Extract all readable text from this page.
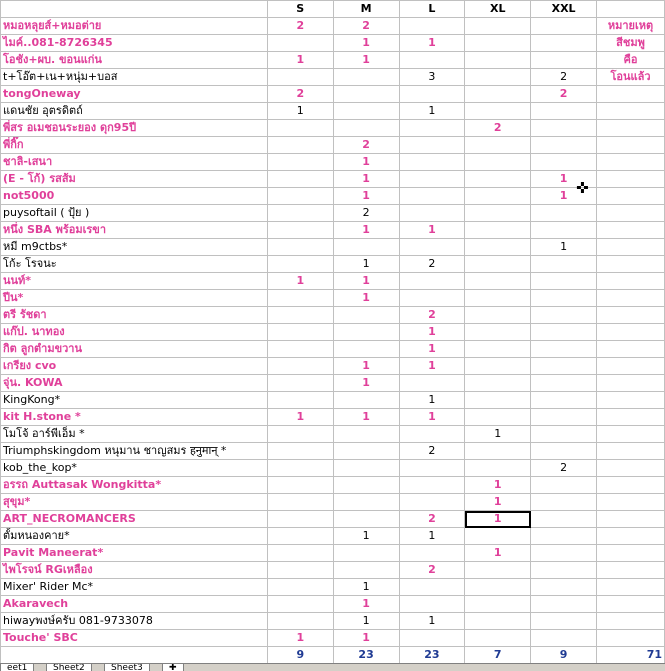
	S	M	L	XL	XXL	
หมอหลุยส์+หมอต่าย	2	2				หมายเหตุ
ไมค์..081-8726345		1	1			สีชมพู
โอชัง+ผบ. ขอนแก่น	1	1				คือ
t+โอ๊ต+เน+หนุ่ม+บอส			3		2	โอนแล้ว
tongOneway	2				2	
แดนชัย อุตรดิตถ์	1		1			
พี่สร อเมชอนระยอง ดุก95ปี				2		
พี่กิ๊ก		2				
ชาลิ-เสนา		1				
(E - โก้) รสส้ม		1			1	
not5000		1			1	
puysoftail ( ปุ้ย )		2				
หนึ่ง SBA พร้อมเรขา		1	1			
หมี m9ctbs*					1	
โก้ะ โรจนะ		1	2			
นนท์*	1	1				
ปีน*		1				
ตรี รัชดา			2			
แก๊ป. นาทอง			1			
กิต ลูกตำมขวาน			1			
เกรียง cvo		1	1			
จุ่น. KOWA		1				
KingKong*			1			
kit H.stone *	1	1	1			
โมโจ้ อาร์พีเอ็ม *				1		
Triumphskingdom หนุมาน ชาญสมร हनुमान् *			2			
kob_the_kop*					2	
อรรถ Auttasak Wongkitta*				1		
สุขุม*				1		
ART_NECROMANCERS			2	1		
ตั้มหนองคาย*		1	1			
Pavit Maneerat*				1		
ไพโรจน์ RGเหลือง			2			
Mixer' Rider Mc*		1				
Akaravech		1				
hiwayพงษ์ครับ 081-9733078		1	1			
Touche' SBC	1	1				
	9	23	23	7	9	71
eet1	Sheet2	Sheet3	✚
✜
